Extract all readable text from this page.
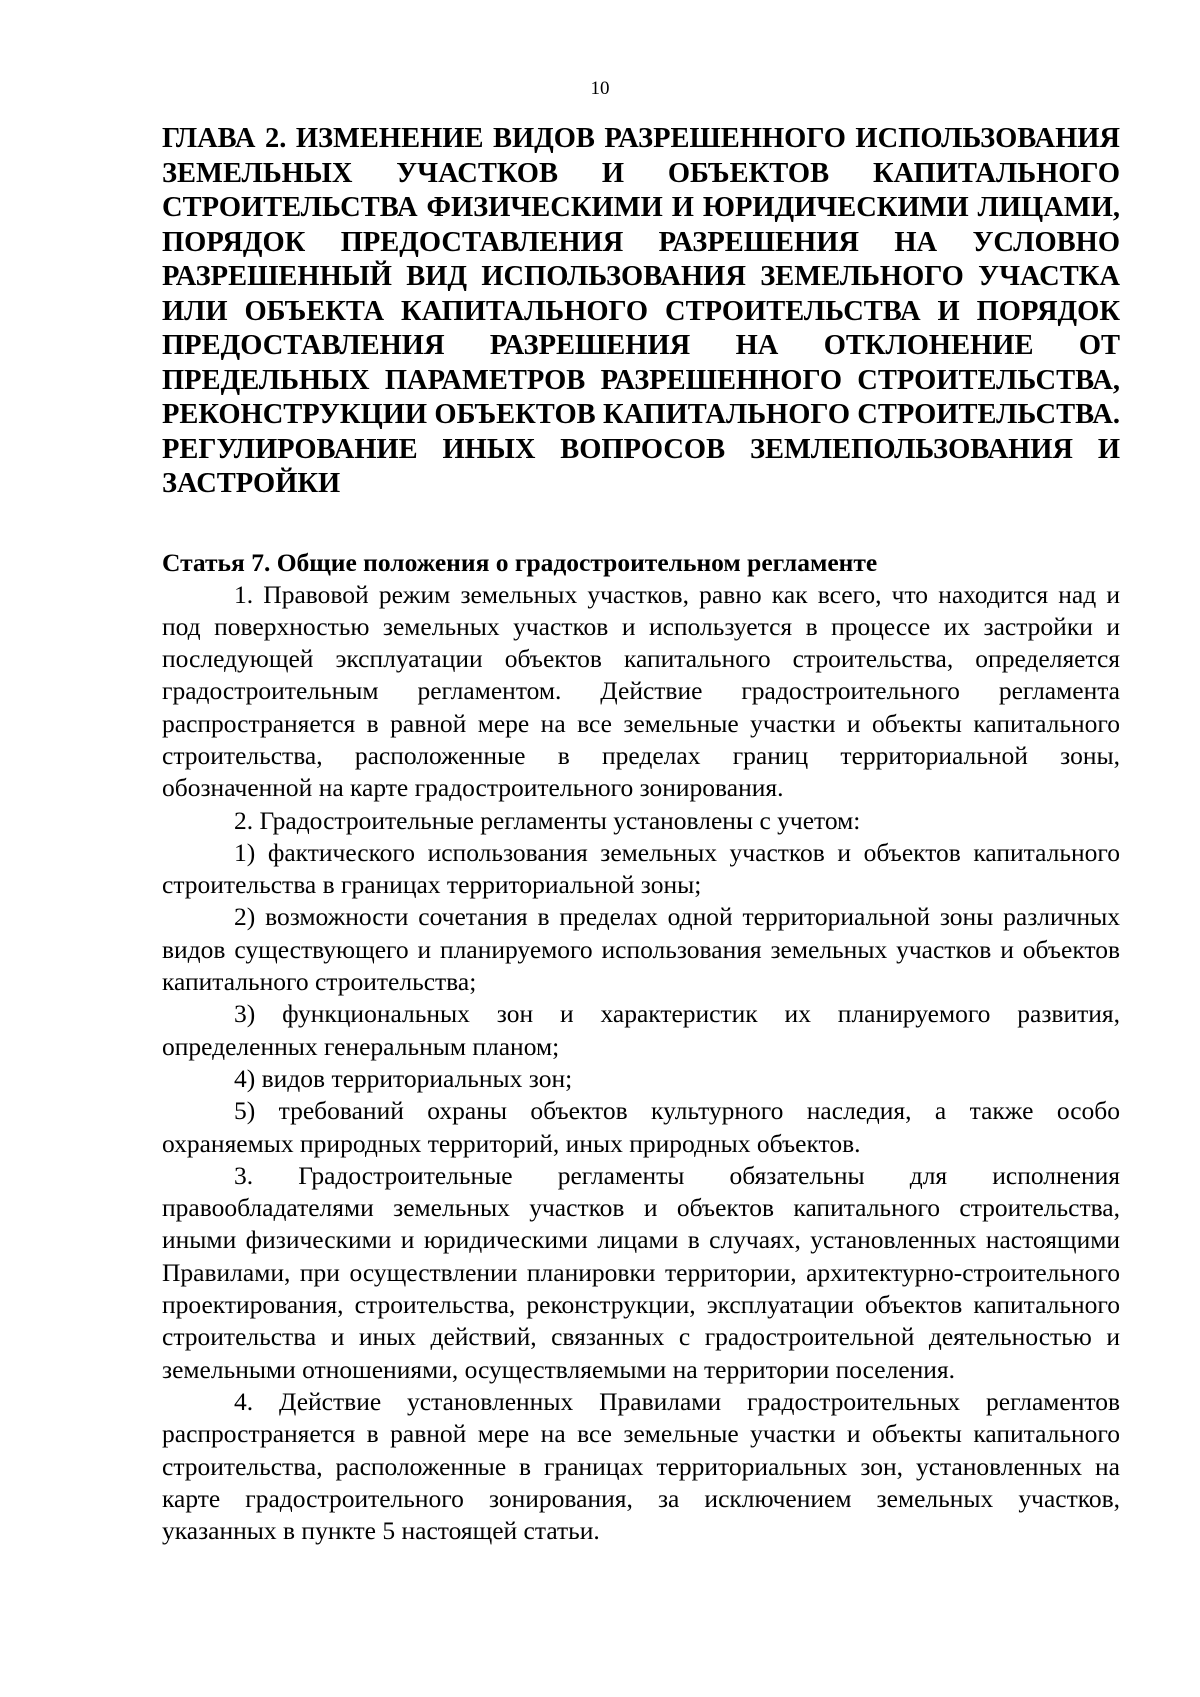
10
ГЛАВА 2. ИЗМЕНЕНИЕ ВИДОВ РАЗРЕШЕННОГО ИСПОЛЬЗОВАНИЯ ЗЕМЕЛЬНЫХ УЧАСТКОВ И ОБЪЕКТОВ КАПИТАЛЬНОГО СТРОИТЕЛЬСТВА ФИЗИЧЕСКИМИ И ЮРИДИЧЕСКИМИ ЛИЦАМИ, ПОРЯДОК ПРЕДОСТАВЛЕНИЯ РАЗРЕШЕНИЯ НА УСЛОВНО РАЗРЕШЕННЫЙ ВИД ИСПОЛЬЗОВАНИЯ ЗЕМЕЛЬНОГО УЧАСТКА ИЛИ ОБЪЕКТА КАПИТАЛЬНОГО СТРОИТЕЛЬСТВА И ПОРЯДОК ПРЕДОСТАВЛЕНИЯ РАЗРЕШЕНИЯ НА ОТКЛОНЕНИЕ ОТ ПРЕДЕЛЬНЫХ ПАРАМЕТРОВ РАЗРЕШЕННОГО СТРОИТЕЛЬСТВА, РЕКОНСТРУКЦИИ ОБЪЕКТОВ КАПИТАЛЬНОГО СТРОИТЕЛЬСТВА. РЕГУЛИРОВАНИЕ ИНЫХ ВОПРОСОВ ЗЕМЛЕПОЛЬЗОВАНИЯ И ЗАСТРОЙКИ
Статья 7. Общие положения о градостроительном регламенте

1. Правовой режим земельных участков, равно как всего, что находится над и под поверхностью земельных участков и используется в процессе их застройки и последующей эксплуатации объектов капитального строительства, определяется градостроительным регламентом. Действие градостроительного регламента распространяется в равной мере на все земельные участки и объекты капитального строительства, расположенные в пределах границ территориальной зоны, обозначенной на карте градостроительного зонирования.

2. Градостроительные регламенты установлены с учетом:

1) фактического использования земельных участков и объектов капитального строительства в границах территориальной зоны;

2) возможности сочетания в пределах одной территориальной зоны различных видов существующего и планируемого использования земельных участков и объектов капитального строительства;

3) функциональных зон и характеристик их планируемого развития, определенных генеральным планом;

4) видов территориальных зон;

5) требований охраны объектов культурного наследия, а также особо охраняемых природных территорий, иных природных объектов.

3. Градостроительные регламенты обязательны для исполнения правообладателями земельных участков и объектов капитального строительства, иными физическими и юридическими лицами в случаях, установленных настоящими Правилами, при осуществлении планировки территории, архитектурно-строительного проектирования, строительства, реконструкции, эксплуатации объектов капитального строительства и иных действий, связанных с градостроительной деятельностью и земельными отношениями, осуществляемыми на территории поселения.

4. Действие установленных Правилами градостроительных регламентов распространяется в равной мере на все земельные участки и объекты капитального строительства, расположенные в границах территориальных зон, установленных на карте градостроительного зонирования, за исключением земельных участков, указанных в пункте 5 настоящей статьи.
